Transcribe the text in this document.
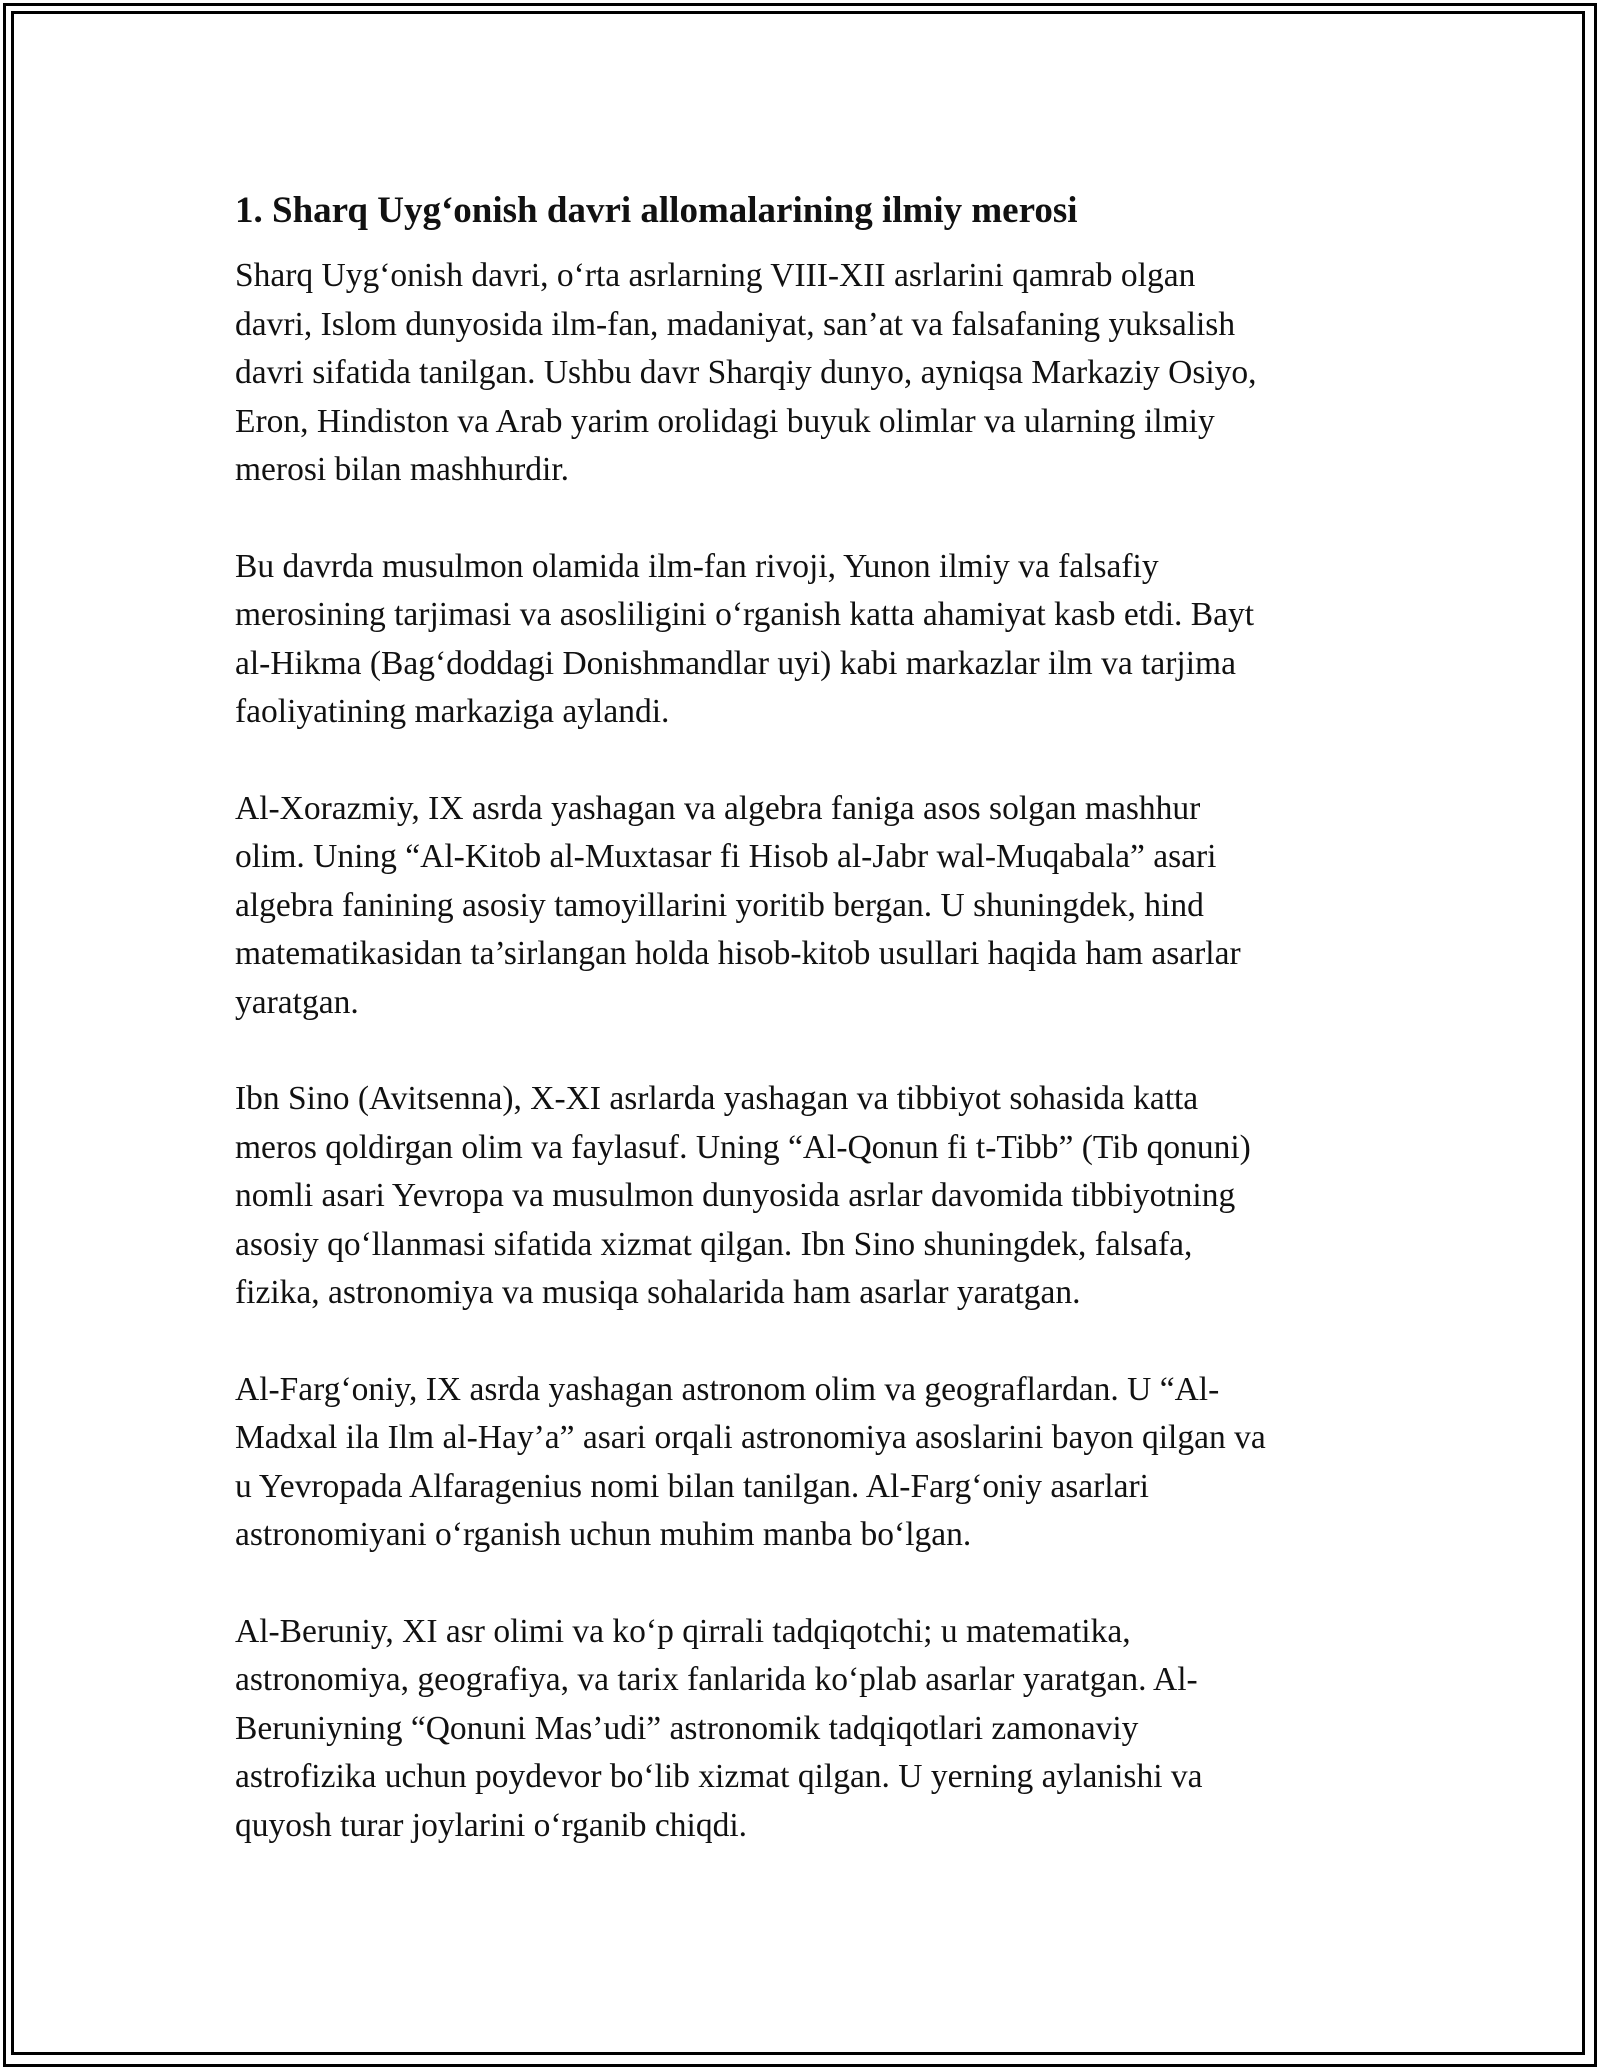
1. Sharq Uyg‘onish davri allomalarining ilmiy merosi

Sharq Uyg‘onish davri, o‘rta asrlarning VIII-XII asrlarini qamrab olgan
davri, Islom dunyosida ilm-fan, madaniyat, san’at va falsafaning yuksalish
davri sifatida tanilgan. Ushbu davr Sharqiy dunyo, ayniqsa Markaziy Osiyo,
Eron, Hindiston va Arab yarim orolidagi buyuk olimlar va ularning ilmiy
merosi bilan mashhurdir.

Bu davrda musulmon olamida ilm-fan rivoji, Yunon ilmiy va falsafiy
merosining tarjimasi va asosliligini o‘rganish katta ahamiyat kasb etdi. Bayt
al-Hikma (Bag‘doddagi Donishmandlar uyi) kabi markazlar ilm va tarjima
faoliyatining markaziga aylandi.

Al-Xorazmiy, IX asrda yashagan va algebra faniga asos solgan mashhur
olim. Uning “Al-Kitob al-Muxtasar fi Hisob al-Jabr wal-Muqabala” asari
algebra fanining asosiy tamoyillarini yoritib bergan. U shuningdek, hind
matematikasidan ta’sirlangan holda hisob-kitob usullari haqida ham asarlar
yaratgan.

Ibn Sino (Avitsenna), X-XI asrlarda yashagan va tibbiyot sohasida katta
meros qoldirgan olim va faylasuf. Uning “Al-Qonun fi t-Tibb” (Tib qonuni)
nomli asari Yevropa va musulmon dunyosida asrlar davomida tibbiyotning
asosiy qo‘llanmasi sifatida xizmat qilgan. Ibn Sino shuningdek, falsafa,
fizika, astronomiya va musiqa sohalarida ham asarlar yaratgan.

Al-Farg‘oniy, IX asrda yashagan astronom olim va geograflardan. U “Al-
Madxal ila Ilm al-Hay’a” asari orqali astronomiya asoslarini bayon qilgan va
u Yevropada Alfaragenius nomi bilan tanilgan. Al-Farg‘oniy asarlari
astronomiyani o‘rganish uchun muhim manba bo‘lgan.

Al-Beruniy, XI asr olimi va ko‘p qirrali tadqiqotchi; u matematika,
astronomiya, geografiya, va tarix fanlarida ko‘plab asarlar yaratgan. Al-
Beruniyning “Qonuni Mas’udi” astronomik tadqiqotlari zamonaviy
astrofizika uchun poydevor bo‘lib xizmat qilgan. U yerning aylanishi va
quyosh turar joylarini o‘rganib chiqdi.
